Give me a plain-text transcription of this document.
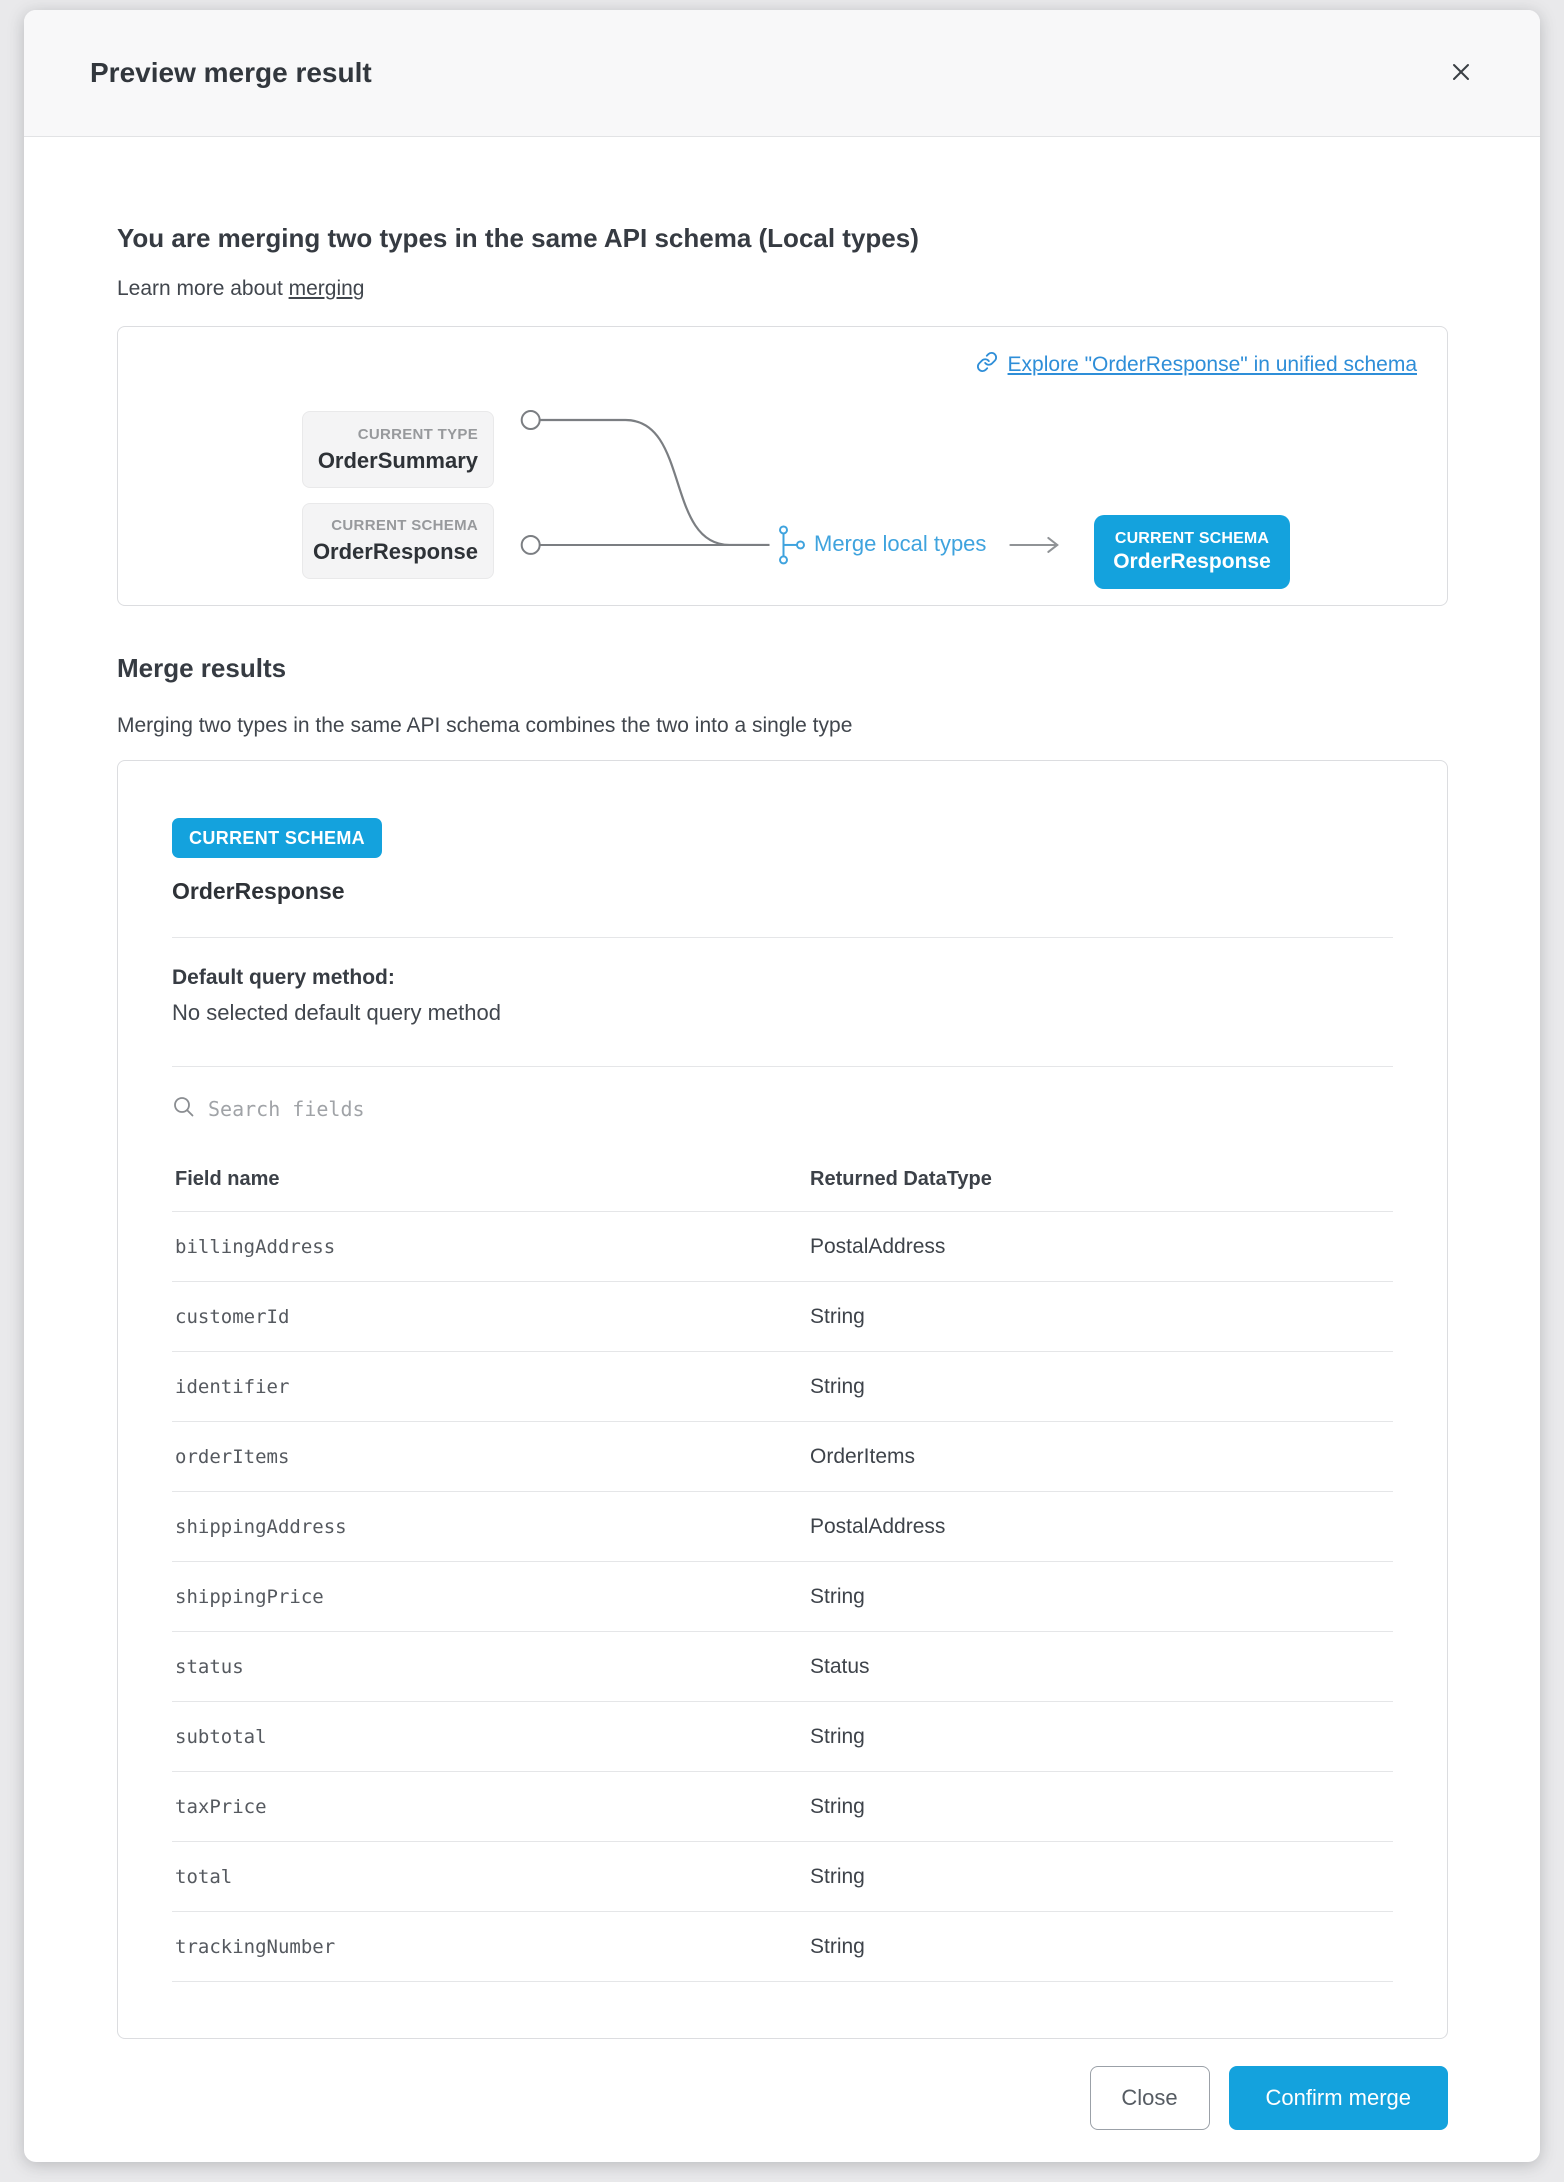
Preview merge result
You are merging two types in the same API schema (Local types)
Learn more about merging
Explore "OrderResponse" in unified schema
CURRENT TYPE
OrderSummary
CURRENT SCHEMA
OrderResponse	Merge local types	CURRENT SCHEMA
OrderResponse
Merge results
Merging two types in the same API schema combines the two into a single type
CURRENT SCHEMA
OrderResponse
Default query method:
No selected default query method
Search fields
Field name	Returned DataType
billingAddress	PostalAddress
customerId	String
identifier	String
orderItems	OrderItems
shippingAddress	PostalAddress
shippingPrice	String
status	Status
subtotal	String
taxPrice	String
total	String
trackingNumber	String
Close	Confirm merge
